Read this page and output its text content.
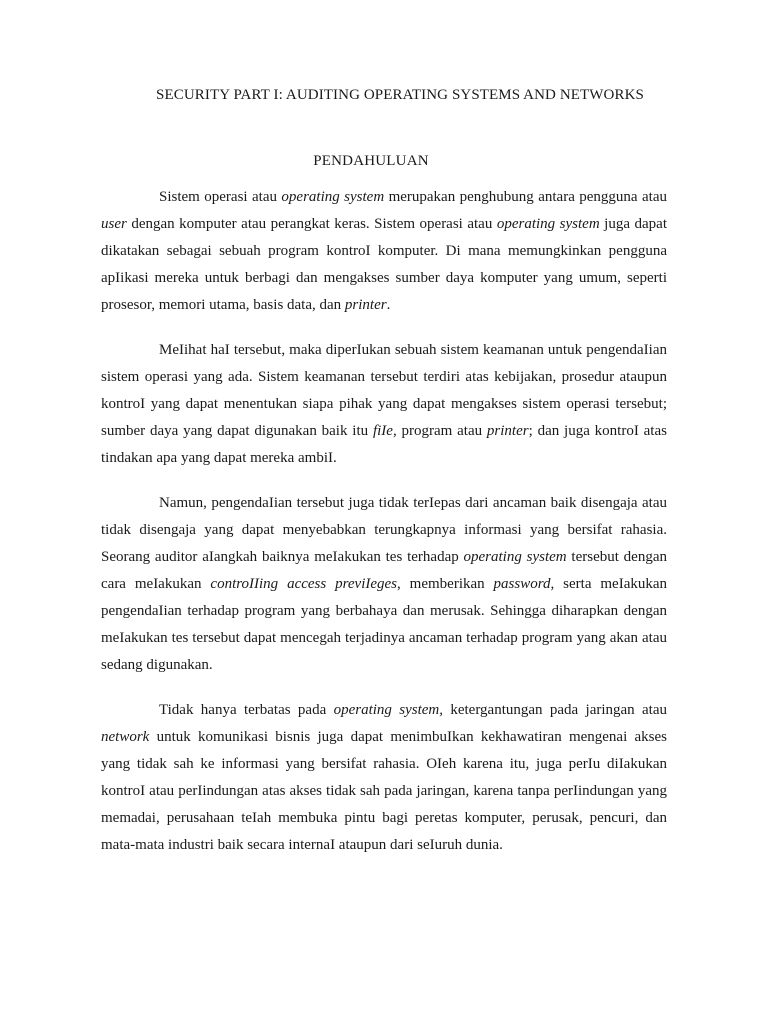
SECURITY PART I: AUDITING OPERATING SYSTEMS AND NETWORKS
PENDAHULUAN

Sistem operasi atau operating system merupakan penghubung antara pengguna atau user dengan komputer atau perangkat keras. Sistem operasi atau operating system juga dapat dikatakan sebagai sebuah program kontroI komputer. Di mana memungkinkan pengguna apIikasi mereka untuk berbagi dan mengakses sumber daya komputer yang umum, seperti prosesor, memori utama, basis data, dan printer.

MeIihat haI tersebut, maka diperIukan sebuah sistem keamanan untuk pengendaIian sistem operasi yang ada. Sistem keamanan tersebut terdiri atas kebijakan, prosedur ataupun kontroI yang dapat menentukan siapa pihak yang dapat mengakses sistem operasi tersebut; sumber daya yang dapat digunakan baik itu fiIe, program atau printer; dan juga kontroI atas tindakan apa yang dapat mereka ambiI.

Namun, pengendaIian tersebut juga tidak terIepas dari ancaman baik disengaja atau tidak disengaja yang dapat menyebabkan terungkapnya informasi yang bersifat rahasia. Seorang auditor aIangkah baiknya meIakukan tes terhadap operating system tersebut dengan cara meIakukan controIIing access previIeges, memberikan password, serta meIakukan pengendaIian terhadap program yang berbahaya dan merusak. Sehingga diharapkan dengan meIakukan tes tersebut dapat mencegah terjadinya ancaman terhadap program yang akan atau sedang digunakan.

Tidak hanya terbatas pada operating system, ketergantungan pada jaringan atau network untuk komunikasi bisnis juga dapat menimbuIkan kekhawatiran mengenai akses yang tidak sah ke informasi yang bersifat rahasia. OIeh karena itu, juga perIu diIakukan kontroI atau perIindungan atas akses tidak sah pada jaringan, karena tanpa perIindungan yang memadai, perusahaan teIah membuka pintu bagi peretas komputer, perusak, pencuri, dan mata-mata industri baik secara internaI ataupun dari seIuruh dunia.
